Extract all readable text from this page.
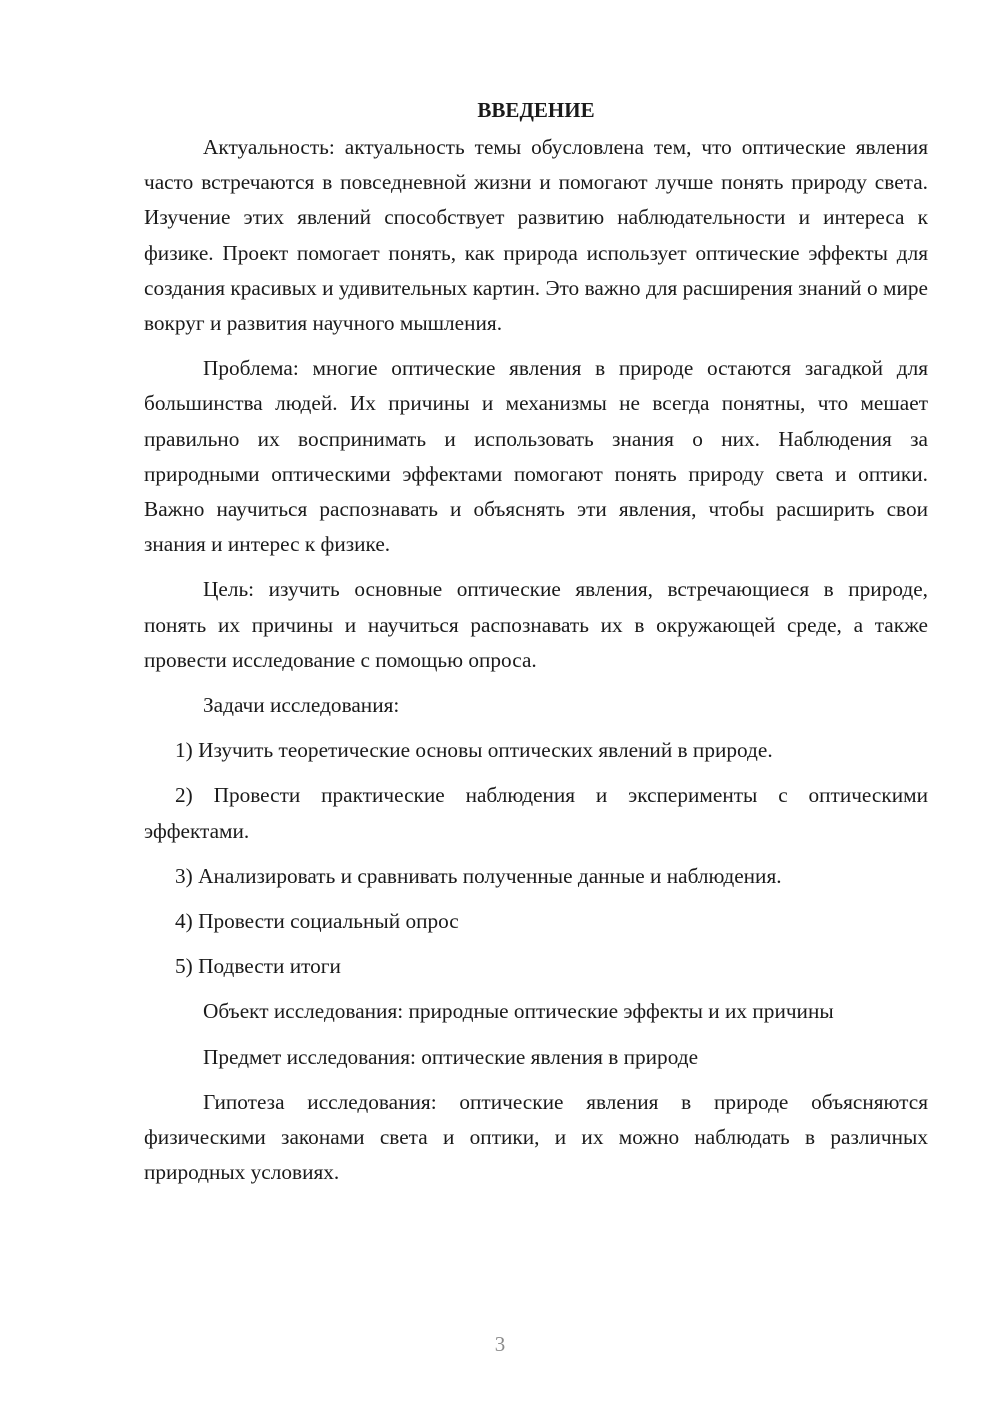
ВВЕДЕНИЕ

Актуальность: актуальность темы обусловлена тем, что оптические явления часто встречаются в повседневной жизни и помогают лучше понять природу света. Изучение этих явлений способствует развитию наблюдательности и интереса к физике. Проект помогает понять, как природа использует оптические эффекты для создания красивых и удивительных картин. Это важно для расширения знаний о мире вокруг и развития научного мышления.

Проблема: многие оптические явления в природе остаются загадкой для большинства людей. Их причины и механизмы не всегда понятны, что мешает правильно их воспринимать и использовать знания о них. Наблюдения за природными оптическими эффектами помогают понять природу света и оптики. Важно научиться распознавать и объяснять эти явления, чтобы расширить свои знания и интерес к физике.

Цель: изучить основные оптические явления, встречающиеся в природе, понять их причины и научиться распознавать их в окружающей среде, а также провести исследование с помощью опроса.

Задачи исследования:

1) Изучить теоретические основы оптических явлений в природе.

2) Провести практические наблюдения и эксперименты с оптическими эффектами.

3) Анализировать и сравнивать полученные данные и наблюдения.

4) Провести социальный опрос

5) Подвести итоги

Объект исследования: природные оптические эффекты и их причины

Предмет исследования: оптические явления в природе

Гипотеза исследования: оптические явления в природе объясняются физическими законами света и оптики, и их можно наблюдать в различных природных условиях.

3
